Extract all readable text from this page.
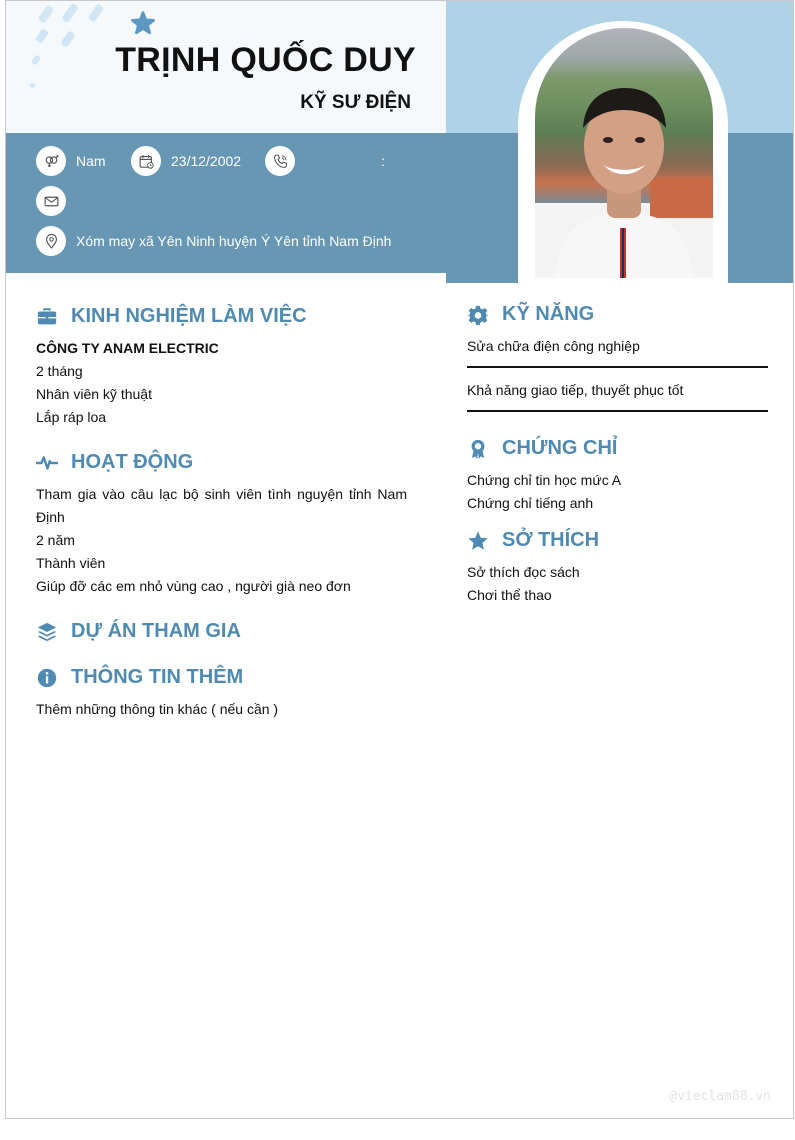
TRỊNH QUỐC DUY
KỸ SƯ ĐIỆN
Nam	23/12/2002	:
Xóm may xã Yên Ninh huyện Ý Yên tỉnh Nam Định
KINH NGHIỆM LÀM VIỆC
CÔNG TY ANAM ELECTRIC
2 tháng
Nhân viên kỹ thuật
Lắp ráp loa
HOẠT ĐỘNG
Tham gia vào câu lạc bộ sinh viên tình nguyện tỉnh Nam Định
2 năm
Thành viên
Giúp đỡ các em nhỏ vùng cao , người già neo đơn
DỰ ÁN THAM GIA
THÔNG TIN THÊM
Thêm những thông tin khác ( nếu cần )
KỸ NĂNG
Sửa chữa điện công nghiệp
Khả năng giao tiếp, thuyết phục tốt
CHỨNG CHỈ
Chứng chỉ tin học mức A
Chứng chỉ tiếng anh
SỞ THÍCH
Sở thích đọc sách
Chơi thể thao
@vieclam88.vn
